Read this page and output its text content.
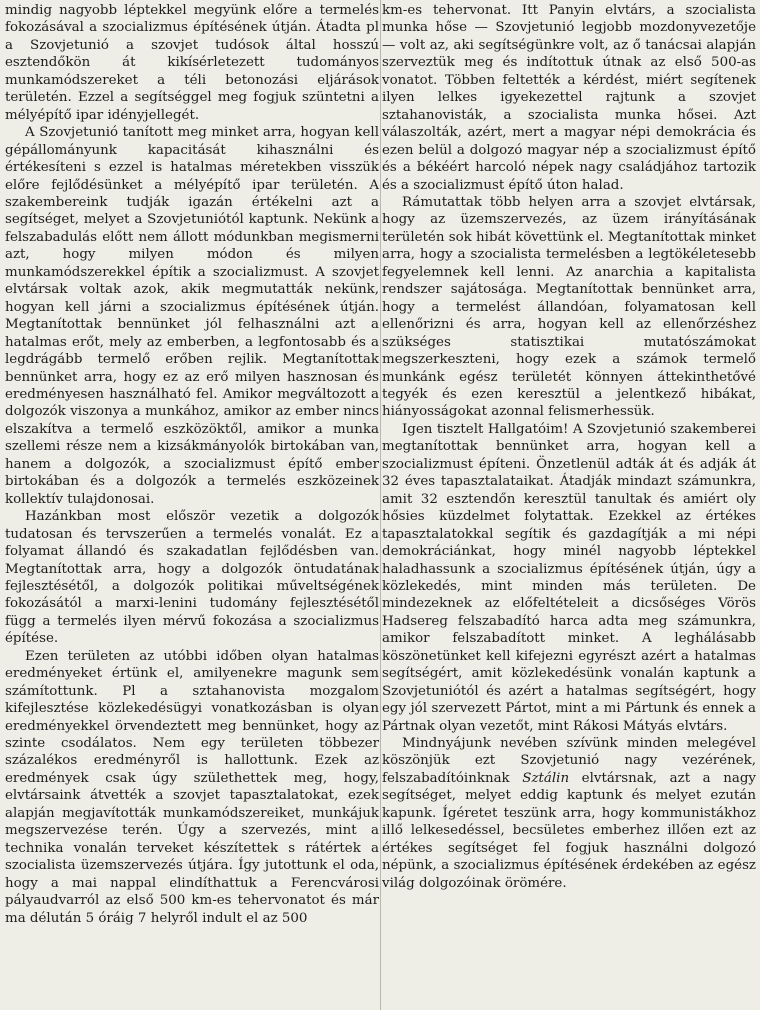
mindig nagyobb léptekkel megyünk előre a termelés fokozásával a szocializmus építésének útján. Átadta pl a Szovjetunió a szovjet tudósok által hosszú esztendőkön át kikísérletezett tudományos munkamódszereket a téli betonozási eljárások területén. Ezzel a segítséggel meg fogjuk szüntetni a mélyépítő ipar idényjellegét.

A Szovjetunió tanított meg minket arra, hogyan kell gépállományunk kapacitását kihasználni és értékesíteni s ezzel is hatalmas méretekben visszük előre fejlődésünket a mélyépítő ipar területén. A szakembereink tudják igazán értékelni azt a segítséget, melyet a Szovjetuniótól kaptunk. Nekünk a felszabadulás előtt nem állott módunkban megismerni azt, hogy milyen módon és milyen munkamódszerekkel építik a szocializmust. A szovjet elvtársak voltak azok, akik megmutatták nekünk, hogyan kell járni a szocializmus építésének útján. Megtanítottak bennünket jól felhasználni azt a hatalmas erőt, mely az emberben, a legfontosabb és a legdrágább termelő erőben rejlik. Megtanítottak bennünket arra, hogy ez az erő milyen hasznosan és eredményesen használható fel. Amikor megváltozott a dolgozók viszonya a munkához, amikor az ember nincs elszakítva a termelő eszközöktől, amikor a munka szellemi része nem a kizsákmányolók birtokában van, hanem a dolgozók, a szocializmust építő ember birtokában és a dolgozók a termelés eszközeinek kollektív tulajdonosai.

Hazánkban most először vezetik a dolgozók tudatosan és tervszerűen a termelés vonalát. Ez a folyamat állandó és szakadatlan fejlődésben van. Megtanítottak arra, hogy a dolgozók öntudatának fejlesztésétől, a dolgozók politikai műveltségének fokozásától a marxi-lenini tudomány fejlesztésétől függ a termelés ilyen mérvű fokozása a szocializmus építése.

Ezen területen az utóbbi időben olyan hatalmas eredményeket értünk el, amilyenekre magunk sem számítottunk. Pl a sztahanovista mozgalom kifejlesztése közlekedésügyi vonatkozásban is olyan eredményekkel örvendeztett meg bennünket, hogy az szinte csodálatos. Nem egy területen többezer százalékos eredményről is hallottunk. Ezek az eredmények csak úgy születhettek meg, hogy, elvtársaink átvették a szovjet tapasztalatokat, ezek alapján megjavították munkamódszereiket, munkájuk megszervezése terén. Úgy a szervezés, mint a technika vonalán terveket készítettek s rátértek a szocialista üzemszervezés útjára. Így jutottunk el oda, hogy a mai nappal elindíthattuk a Ferencvárosi pályaudvarról az első 500 km-es tehervonatot és már ma délután 5 óráig 7 helyről indult el az 500

km-es tehervonat. Itt Panyin elvtárs, a szocialista munka hőse — Szovjetunió legjobb mozdonyvezetője — volt az, aki segítségünkre volt, az ő tanácsai alapján szerveztük meg és indítottuk útnak az első 500-as vonatot. Többen feltették a kérdést, miért segítenek ilyen lelkes igyekezettel rajtunk a szovjet sztahanovisták, a szocialista munka hősei. Azt válaszolták, azért, mert a magyar népi demokrácia és ezen belül a dolgozó magyar nép a szocializmust építő és a békéért harcoló népek nagy családjához tartozik és a szocializmust építő úton halad.

Rámutattak több helyen arra a szovjet elvtársak, hogy az üzemszervezés, az üzem irányításának területén sok hibát követtünk el. Megtanítottak minket arra, hogy a szocialista termelésben a legtökéletesebb fegyelemnek kell lenni. Az anarchia a kapitalista rendszer sajátosága. Megtanítottak bennünket arra, hogy a termelést állandóan, folyamatosan kell ellenőrizni és arra, hogyan kell az ellenőrzéshez szükséges statisztikai mutatószámokat megszerkeszteni, hogy ezek a számok termelő munkánk egész területét könnyen áttekinthetővé tegyék és ezen keresztül a jelentkező hibákat, hiányosságokat azonnal felismerhessük.

Igen tisztelt Hallgatóim! A Szovjetunió szakemberei megtanítottak bennünket arra, hogyan kell a szocializmust építeni. Önzetlenül adták át és adják át 32 éves tapasztalataikat. Átadják mindazt számunkra, amit 32 esztendőn keresztül tanultak és amiért oly hősies küzdelmet folytattak. Ezekkel az értékes tapasztalatokkal segítik és gazdagítják a mi népi demokráciánkat, hogy minél nagyobb léptekkel haladhassunk a szocializmus építésének útján, úgy a közlekedés, mint minden más területen. De mindezeknek az előfeltételeit a dicsőséges Vörös Hadsereg felszabadító harca adta meg számunkra, amikor felszabadított minket. A leghálásabb köszönetünket kell kifejezni egyrészt azért a hatalmas segítségért, amit közlekedésünk vonalán kaptunk a Szovjetuniótól és azért a hatalmas segítségért, hogy egy jól szervezett Pártot, mint a mi Pártunk és ennek a Pártnak olyan vezetőt, mint Rákosi Mátyás elvtárs.

Mindnyájunk nevében szívünk minden melegével köszönjük ezt Szovjetunió nagy vezérének, felszabadítóinknak Sztálin elvtársnak, azt a nagy segítséget, melyet eddig kaptunk és melyet ezután kapunk. Ígéretet teszünk arra, hogy kommunistákhoz illő lelkesedéssel, becsületes emberhez illően ezt az értékes segítséget fel fogjuk használni dolgozó népünk, a szocializmus építésének érdekében az egész világ dolgozóinak örömére.
